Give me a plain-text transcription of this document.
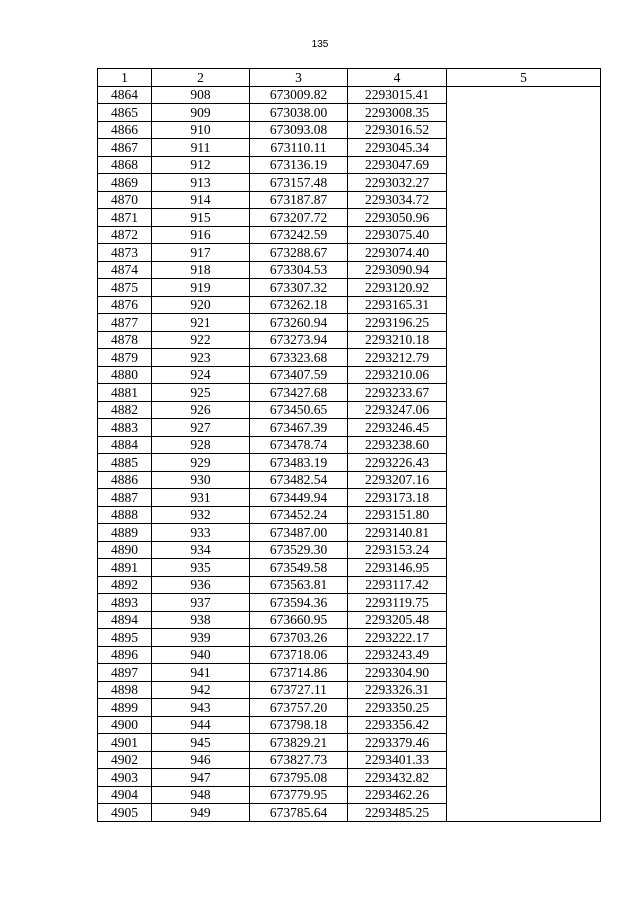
135
1	2	3	4	5
4864	908	673009.82	2293015.41	
4865	909	673038.00	2293008.35	
4866	910	673093.08	2293016.52	
4867	911	673110.11	2293045.34	
4868	912	673136.19	2293047.69	
4869	913	673157.48	2293032.27	
4870	914	673187.87	2293034.72	
4871	915	673207.72	2293050.96	
4872	916	673242.59	2293075.40	
4873	917	673288.67	2293074.40	
4874	918	673304.53	2293090.94	
4875	919	673307.32	2293120.92	
4876	920	673262.18	2293165.31	
4877	921	673260.94	2293196.25	
4878	922	673273.94	2293210.18	
4879	923	673323.68	2293212.79	
4880	924	673407.59	2293210.06	
4881	925	673427.68	2293233.67	
4882	926	673450.65	2293247.06	
4883	927	673467.39	2293246.45	
4884	928	673478.74	2293238.60	
4885	929	673483.19	2293226.43	
4886	930	673482.54	2293207.16	
4887	931	673449.94	2293173.18	
4888	932	673452.24	2293151.80	
4889	933	673487.00	2293140.81	
4890	934	673529.30	2293153.24	
4891	935	673549.58	2293146.95	
4892	936	673563.81	2293117.42	
4893	937	673594.36	2293119.75	
4894	938	673660.95	2293205.48	
4895	939	673703.26	2293222.17	
4896	940	673718.06	2293243.49	
4897	941	673714.86	2293304.90	
4898	942	673727.11	2293326.31	
4899	943	673757.20	2293350.25	
4900	944	673798.18	2293356.42	
4901	945	673829.21	2293379.46	
4902	946	673827.73	2293401.33	
4903	947	673795.08	2293432.82	
4904	948	673779.95	2293462.26	
4905	949	673785.64	2293485.25	
